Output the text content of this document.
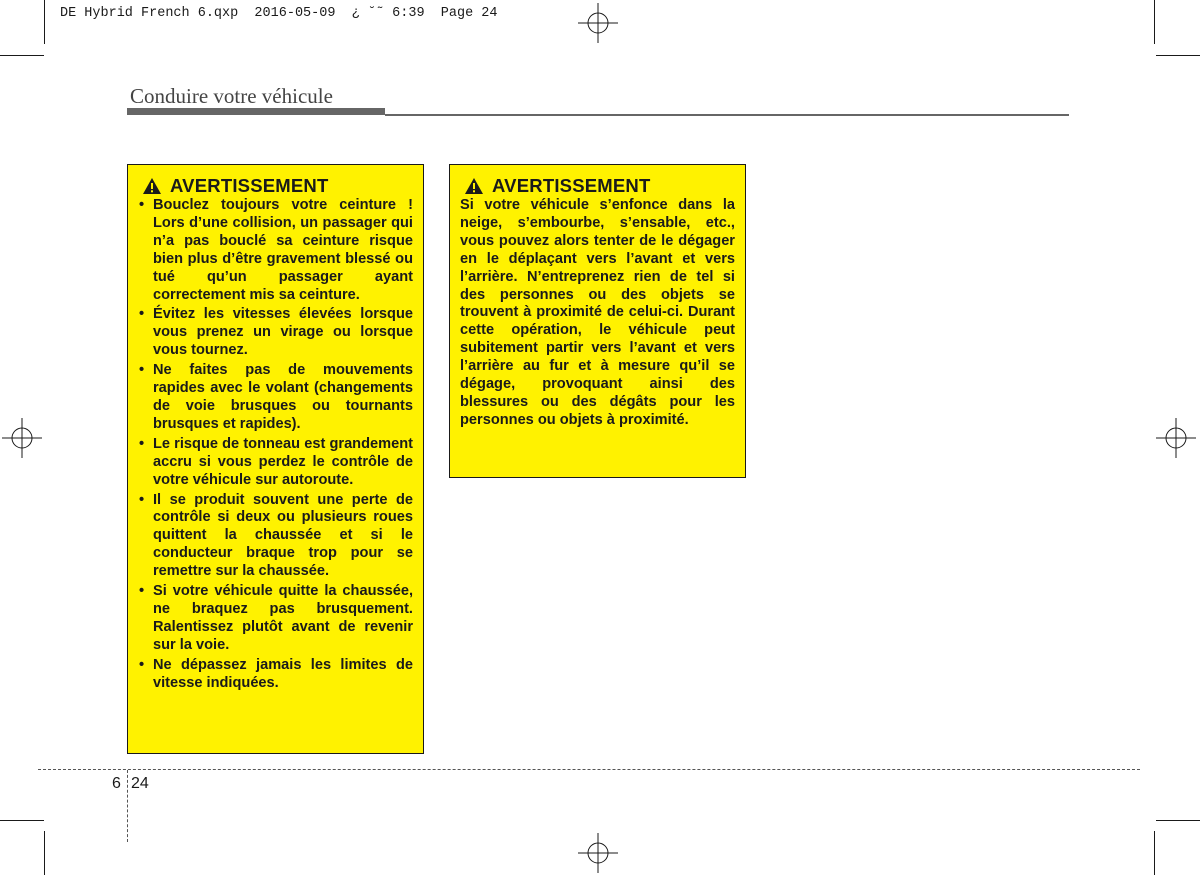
DE Hybrid French 6.qxp  2016-05-09  ¿ ˘˜ 6:39  Page 24
Conduire votre véhicule
AVERTISSEMENT
• Bouclez toujours votre ceinture ! Lors d’une collision, un passager qui n’a pas bouclé sa ceinture risque bien plus d’être gravement blessé ou tué qu’un passager ayant correctement mis sa ceinture.
• Évitez les vitesses élevées lorsque vous prenez un virage ou lorsque vous tournez.
• Ne faites pas de mouvements rapides avec le volant (changements de voie brusques ou tournants brusques et rapides).
• Le risque de tonneau est grandement accru si vous perdez le contrôle de votre véhicule sur autoroute.
• Il se produit souvent une perte de contrôle si deux ou plusieurs roues quittent la chaussée et si le conducteur braque trop pour se remettre sur la chaussée.
• Si votre véhicule quitte la chaussée, ne braquez pas brusquement. Ralentissez plutôt avant de revenir sur la voie.
• Ne dépassez jamais les limites de vitesse indiquées.
AVERTISSEMENT

Si votre véhicule s’enfonce dans la neige, s’embourbe, s’ensable, etc., vous pouvez alors tenter de le dégager en le déplaçant vers l’avant et vers l’arrière. N’entreprenez rien de tel si des personnes ou des objets se trouvent à proximité de celui-ci. Durant cette opération, le véhicule peut subitement partir vers l’avant et vers l’arrière au fur et à mesure qu’il se dégage, provoquant ainsi des blessures ou des dégâts pour les personnes ou objets à proximité.

6 24
